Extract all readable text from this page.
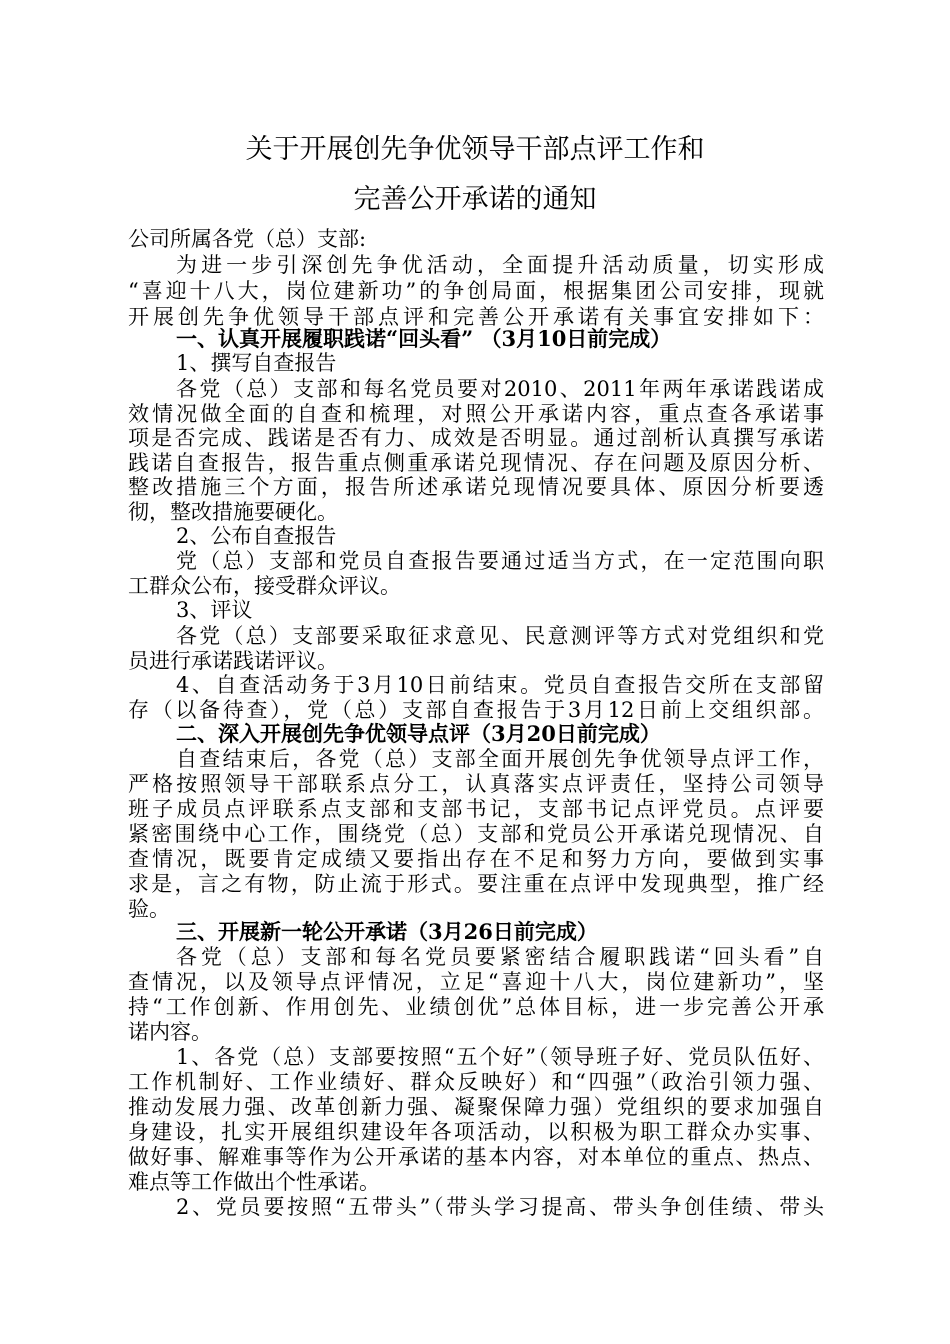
关于开展创先争优领导干部点评工作和
完善公开承诺的通知
公司所属各党（总）支部:
为进一步引深创先争优活动，全面提升活动质量，切实形成
“喜迎十八大，岗位建新功”的争创局面，根据集团公司安排，现就
开展创先争优领导干部点评和完善公开承诺有关事宜安排如下：
一、认真开展履职践诺“回头看” （3月10日前完成）
1、撰写自查报告
各党（总）支部和每名党员要对2010、2011年两年承诺践诺成
效情况做全面的自查和梳理，对照公开承诺内容，重点查各承诺事
项是否完成、践诺是否有力、成效是否明显。通过剖析认真撰写承诺
践诺自查报告，报告重点侧重承诺兑现情况、存在问题及原因分析、
整改措施三个方面，报告所述承诺兑现情况要具体、原因分析要透
彻，整改措施要硬化。
2、公布自查报告
党（总）支部和党员自查报告要通过适当方式，在一定范围向职
工群众公布，接受群众评议。
3、评议
各党（总）支部要采取征求意见、民意测评等方式对党组织和党
员进行承诺践诺评议。
4、自查活动务于3月10日前结束。党员自查报告交所在支部留
存（以备待查），党（总）支部自查报告于3月12日前上交组织部。
二、深入开展创先争优领导点评（3月20日前完成）
自查结束后，各党（总）支部全面开展创先争优领导点评工作，
严格按照领导干部联系点分工，认真落实点评责任，坚持公司领导
班子成员点评联系点支部和支部书记，支部书记点评党员。点评要
紧密围绕中心工作，围绕党（总）支部和党员公开承诺兑现情况、自
查情况，既要肯定成绩又要指出存在不足和努力方向，要做到实事
求是，言之有物，防止流于形式。要注重在点评中发现典型，推广经
验。
三、开展新一轮公开承诺（3月26日前完成）
各党（总）支部和每名党员要紧密结合履职践诺“回头看”自
查情况，以及领导点评情况，立足“喜迎十八大，岗位建新功”，坚
持“工作创新、作用创先、业绩创优”总体目标，进一步完善公开承
诺内容。
1、各党（总）支部要按照“五个好”（领导班子好、党员队伍好、
工作机制好、工作业绩好、群众反映好）和“四强”（政治引领力强、
推动发展力强、改革创新力强、凝聚保障力强）党组织的要求加强自
身建设，扎实开展组织建设年各项活动，以积极为职工群众办实事、
做好事、解难事等作为公开承诺的基本内容，对本单位的重点、热点、
难点等工作做出个性承诺。
2、党员要按照“五带头”（带头学习提高、带头争创佳绩、带头
